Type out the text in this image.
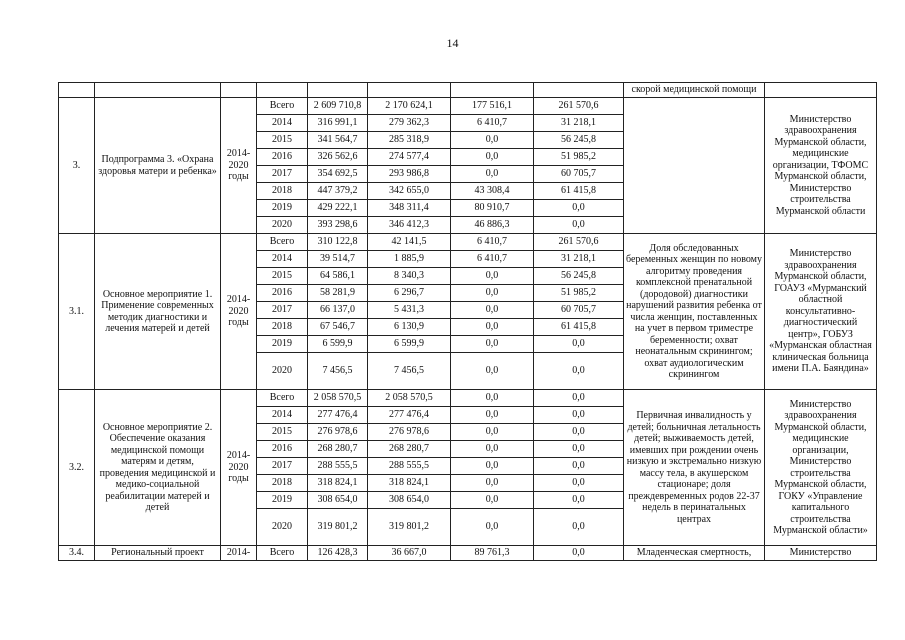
14
								скорой медицинской помощи	
3.	Подпрограмма 3. «Охрана здоровья матери и ребенка»	2014-2020 годы	Всего	2 609 710,8	2 170 624,1	177 516,1	261 570,6		Министерство здравоохранения Мурманской области, медицинские организации, ТФОМС Мурманской области, Министерство строительства Мурманской области
			2014	316 991,1	279 362,3	6 410,7	31 218,1		
			2015	341 564,7	285 318,9	0,0	56 245,8		
			2016	326 562,6	274 577,4	0,0	51 985,2		
			2017	354 692,5	293 986,8	0,0	60 705,7		
			2018	447 379,2	342 655,0	43 308,4	61 415,8		
			2019	429 222,1	348 311,4	80 910,7	0,0		
			2020	393 298,6	346 412,3	46 886,3	0,0		
3.1.	Основное мероприятие 1. Применение современных методик диагностики и лечения матерей и детей	2014-2020 годы	Всего	310 122,8	42 141,5	6 410,7	261 570,6	Доля обследованных беременных женщин по новому алгоритму проведения комплексной пренатальной (дородовой) диагностики нарушений развития ребенка от числа женщин, поставленных на учет в первом триместре беременности; охват неонатальным скринингом; охват аудиологическим скринингом	Министерство здравоохранения Мурманской области, ГОАУЗ «Мурманский областной консультативно-диагностический центр», ГОБУЗ «Мурманская областная клиническая больница имени П.А. Баяндина»
			2014	39 514,7	1 885,9	6 410,7	31 218,1		
			2015	64 586,1	8 340,3	0,0	56 245,8		
			2016	58 281,9	6 296,7	0,0	51 985,2		
			2017	66 137,0	5 431,3	0,0	60 705,7		
			2018	67 546,7	6 130,9	0,0	61 415,8		
			2019	6 599,9	6 599,9	0,0	0,0		
			2020	7 456,5	7 456,5	0,0	0,0		
3.2.	Основное мероприятие 2. Обеспечение оказания медицинской помощи матерям и детям, проведения медицинской и медико-социальной реабилитации матерей и детей	2014-2020 годы	Всего	2 058 570,5	2 058 570,5	0,0	0,0	Первичная инвалидность у детей; больничная летальность детей; выживаемость детей, имевших при рождении очень низкую и экстремально низкую массу тела, в акушерском стационаре; доля преждевременных родов 22-37 недель в перинатальных центрах	Министерство здравоохранения Мурманской области, медицинские организации, Министерство строительства Мурманской области, ГОКУ «Управление капитального строительства Мурманской области»
			2014	277 476,4	277 476,4	0,0	0,0		
			2015	276 978,6	276 978,6	0,0	0,0		
			2016	268 280,7	268 280,7	0,0	0,0		
			2017	288 555,5	288 555,5	0,0	0,0		
			2018	318 824,1	318 824,1	0,0	0,0		
			2019	308 654,0	308 654,0	0,0	0,0		
			2020	319 801,2	319 801,2	0,0	0,0		
3.4.	Региональный проект	2014-	Всего	126 428,3	36 667,0	89 761,3	0,0	Младенческая смертность,	Министерство
